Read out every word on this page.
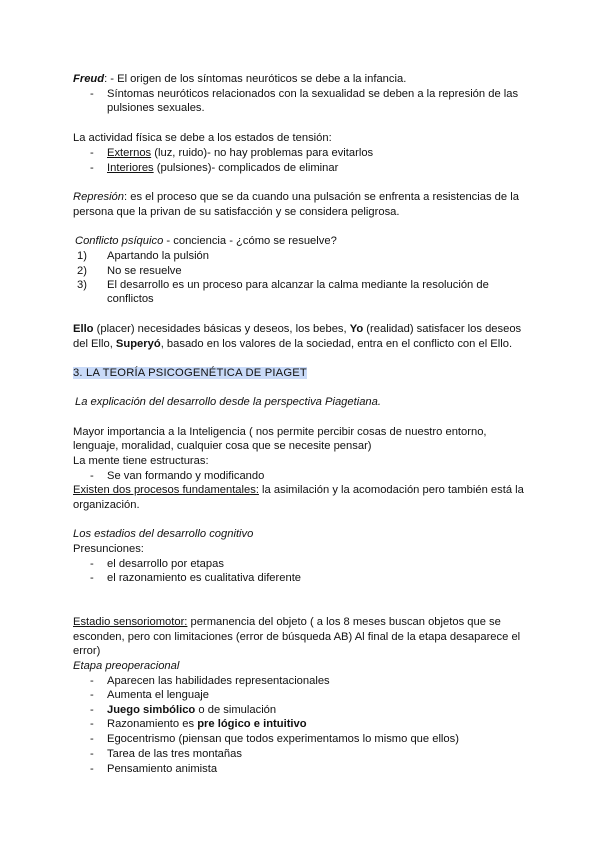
Freud: - El origen de los síntomas neuróticos se debe a la infancia.
- Síntomas neuróticos relacionados con la sexualidad se deben a la represión de las
pulsiones sexuales.
La actividad física se debe a los estados de tensión:
- Externos (luz, ruido)- no hay problemas para evitarlos
- Interiores (pulsiones)- complicados de eliminar
Represión: es el proceso que se da cuando una pulsación se enfrenta a resistencias de la
persona que la privan de su satisfacción y se considera peligrosa.
Conflicto psíquico - conciencia - ¿cómo se resuelve?
1) Apartando la pulsión
2) No se resuelve
3) El desarrollo es un proceso para alcanzar la calma mediante la resolución de
conflictos
Ello (placer) necesidades básicas y deseos, los bebes, Yo (realidad) satisfacer los deseos
del Ello, Superyó, basado en los valores de la sociedad, entra en el conflicto con el Ello.
3. LA TEORÍA PSICOGENÉTICA DE PIAGET
La explicación del desarrollo desde la perspectiva Piagetiana.
Mayor importancia a la Inteligencia ( nos permite percibir cosas de nuestro entorno,
lenguaje, moralidad, cualquier cosa que se necesite pensar)
La mente tiene estructuras:
- Se van formando y modificando
Existen dos procesos fundamentales: la asimilación y la acomodación pero también está la
organización.
Los estadios del desarrollo cognitivo
Presunciones:
- el desarrollo por etapas
- el razonamiento es cualitativa diferente
Estadio sensoriomotor: permanencia del objeto ( a los 8 meses buscan objetos que se
esconden, pero con limitaciones (error de búsqueda AB) Al final de la etapa desaparece el
error)
Etapa preoperacional
- Aparecen las habilidades representacionales
- Aumenta el lenguaje
- Juego simbólico o de simulación
- Razonamiento es pre lógico e intuitivo
- Egocentrismo (piensan que todos experimentamos lo mismo que ellos)
- Tarea de las tres montañas
- Pensamiento animista
